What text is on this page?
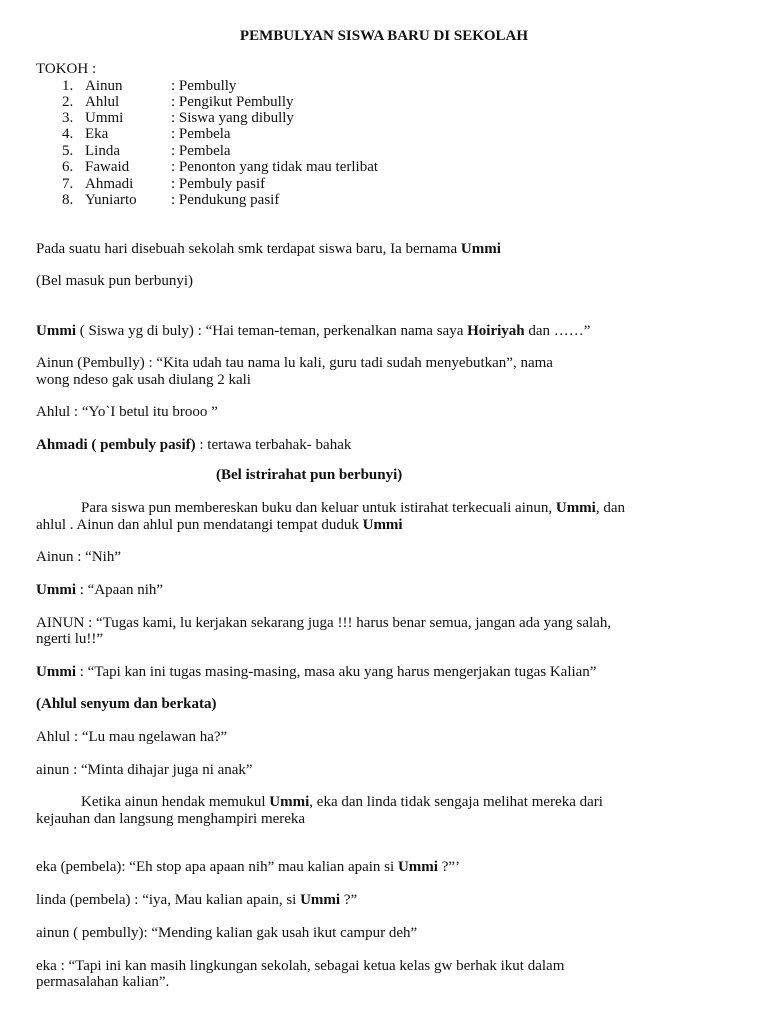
PEMBULYAN SISWA BARU DI SEKOLAH
TOKOH :
1. Ainun	: Pembully
2. Ahlul	: Pengikut Pembully
3. Ummi	: Siswa yang dibully
4. Eka	: Pembela
5. Linda	: Pembela
6. Fawaid	: Penonton yang tidak mau terlibat
7. Ahmadi	: Pembuly pasif
8. Yuniarto : Pendukung pasif
Pada suatu hari disebuah sekolah smk terdapat siswa baru, Ia bernama Ummi
(Bel masuk pun berbunyi)
Ummi ( Siswa yg di buly) : “Hai teman-teman, perkenalkan nama saya Hoiriyah dan ……”
Ainun (Pembully) : “Kita udah tau nama lu kali, guru tadi sudah menyebutkan”, nama
wong ndeso gak usah diulang 2 kali
Ahlul : “Yo`I betul itu brooo ”
Ahmadi ( pembuly pasif) : tertawa terbahak- bahak
(Bel istrirahat pun berbunyi)
Para siswa pun membereskan buku dan keluar untuk istirahat terkecuali ainun, Ummi, dan
ahlul . Ainun dan ahlul pun mendatangi tempat duduk Ummi
Ainun : “Nih”
Ummi : “Apaan nih”
AINUN : “Tugas kami, lu kerjakan sekarang juga !!! harus benar semua, jangan ada yang salah,
ngerti lu!!”
Ummi : “Tapi kan ini tugas masing-masing, masa aku yang harus mengerjakan tugas Kalian”
(Ahlul senyum dan berkata)
Ahlul : “Lu mau ngelawan ha?”
ainun : “Minta dihajar juga ni anak”
Ketika ainun hendak memukul Ummi, eka dan linda tidak sengaja melihat mereka dari
kejauhan dan langsung menghampiri mereka
eka (pembela): “Eh stop apa apaan nih” mau kalian apain si Ummi ?”’
linda (pembela) : “iya, Mau kalian apain, si Ummi ?”
ainun ( pembully): “Mending kalian gak usah ikut campur deh”
eka : “Tapi ini kan masih lingkungan sekolah, sebagai ketua kelas gw berhak ikut dalam
permasalahan kalian”.
